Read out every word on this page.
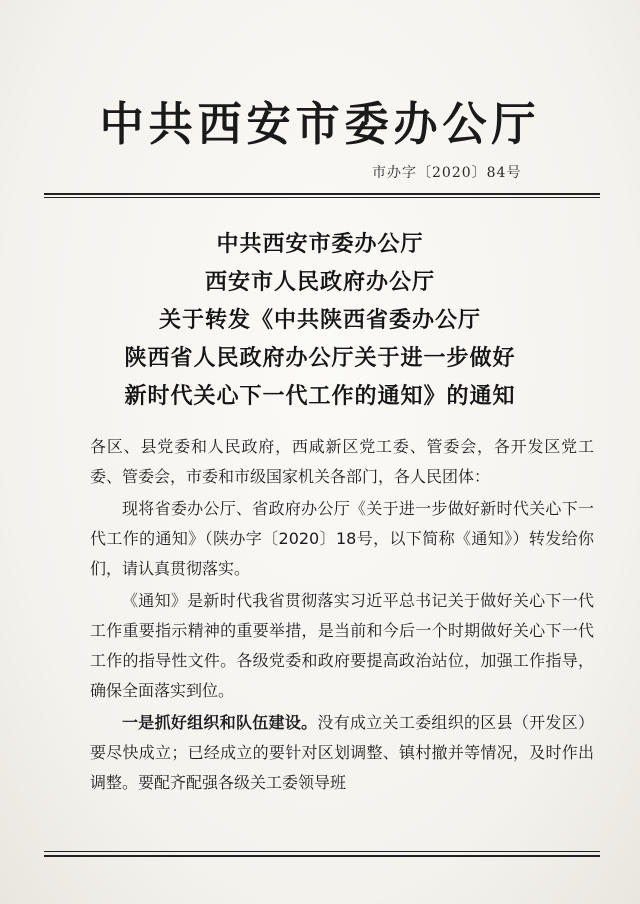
中共西安市委办公厅
市办字〔2020〕84号
中共西安市委办公厅
西安市人民政府办公厅
关于转发《中共陕西省委办公厅
陕西省人民政府办公厅关于进一步做好
新时代关心下一代工作的通知》的通知

各区、县党委和人民政府，西咸新区党工委、管委会，各开发区党工委、管委会，市委和市级国家机关各部门，各人民团体：

现将省委办公厅、省政府办公厅《关于进一步做好新时代关心下一代工作的通知》（陕办字〔2020〕18号，以下简称《通知》）转发给你们，请认真贯彻落实。

《通知》是新时代我省贯彻落实习近平总书记关于做好关心下一代工作重要指示精神的重要举措，是当前和今后一个时期做好关心下一代工作的指导性文件。各级党委和政府要提高政治站位，加强工作指导，确保全面落实到位。

一是抓好组织和队伍建设。没有成立关工委组织的区县（开发区）要尽快成立；已经成立的要针对区划调整、镇村撤并等情况，及时作出调整。要配齐配强各级关工委领导班
